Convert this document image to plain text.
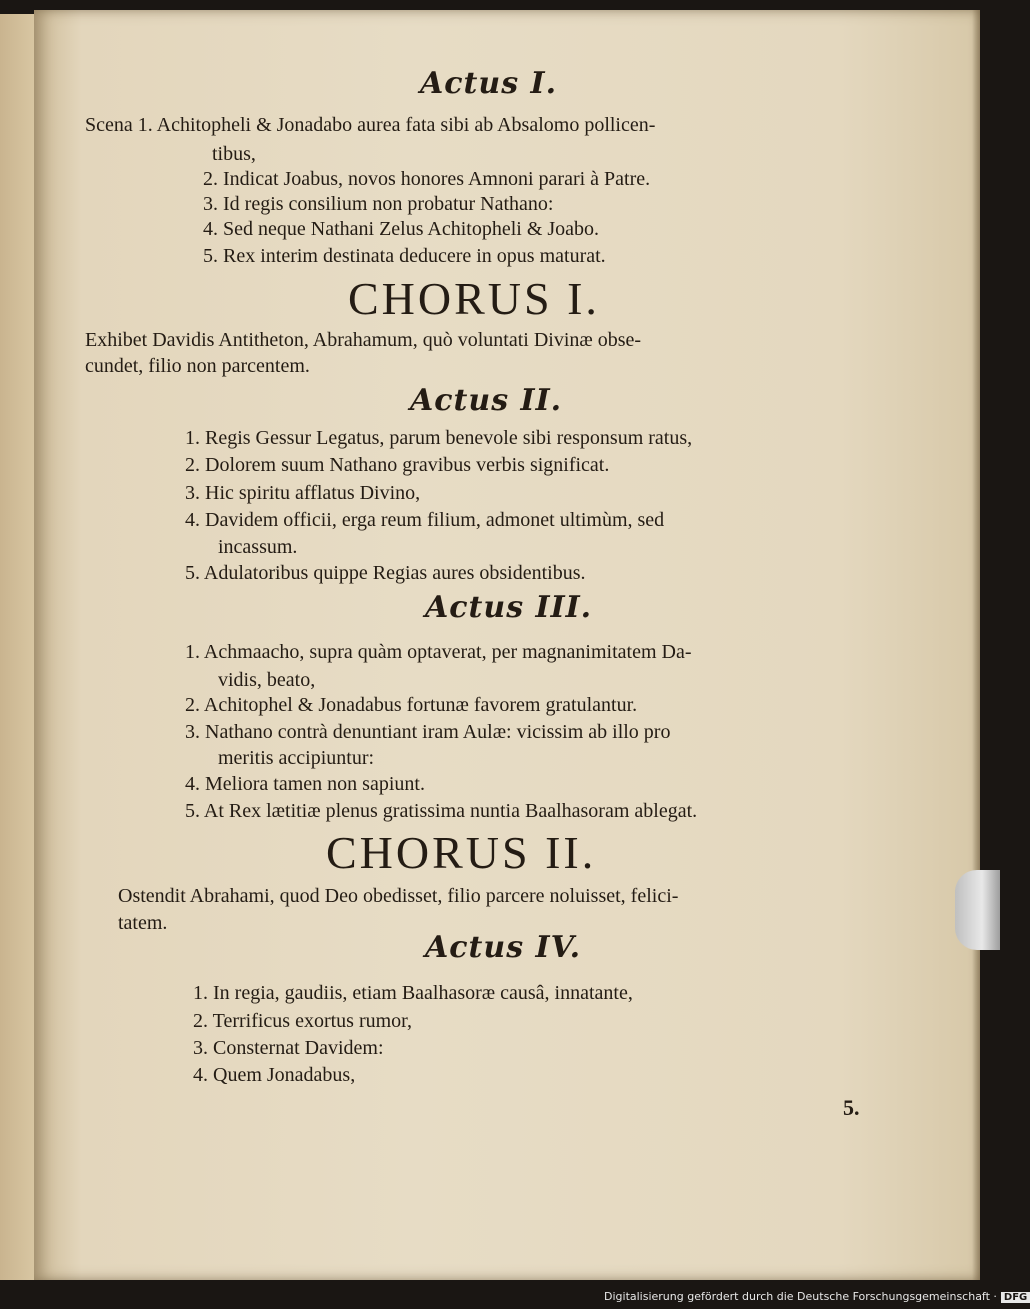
Actus I.
Scena 1. Achitopheli & Jonadabo aurea fata sibi ab Absalomo pollicen-
tibus,
2. Indicat Joabus, novos honores Amnoni parari à Patre.
3. Id regis consilium non probatur Nathano:
4. Sed neque Nathani Zelus Achitopheli & Joabo.
5. Rex interim destinata deducere in opus maturat.
CHORUS I.
Exhibet Davidis Antitheton, Abrahamum, quò voluntati Divinæ obse-
cundet, filio non parcentem.
Actus II.
1. Regis Gessur Legatus, parum benevole sibi responsum ratus,
2. Dolorem suum Nathano gravibus verbis significat.
3. Hic spiritu afflatus Divino,
4. Davidem officii, erga reum filium, admonet ultimùm, sed
incassum.
5. Adulatoribus quippe Regias aures obsidentibus.
Actus III.
1. Achmaacho, supra quàm optaverat, per magnanimitatem Da-
vidis, beato,
2. Achitophel & Jonadabus fortunæ favorem gratulantur.
3. Nathano contrà denuntiant iram Aulæ: vicissim ab illo pro
meritis accipiuntur:
4. Meliora tamen non sapiunt.
5. At Rex lætitiæ plenus gratissima nuntia Baalhasoram ablegat.
CHORUS II.
Ostendit Abrahami, quod Deo obedisset, filio parcere noluisset, felici-
tatem.
Actus IV.
1. In regia, gaudiis, etiam Baalhasoræ causâ, innatante,
2. Terrificus exortus rumor,
3. Consternat Davidem:
4. Quem Jonadabus,
5.
Digitalisierung gefördert durch die Deutsche Forschungsgemeinschaft · DFG
